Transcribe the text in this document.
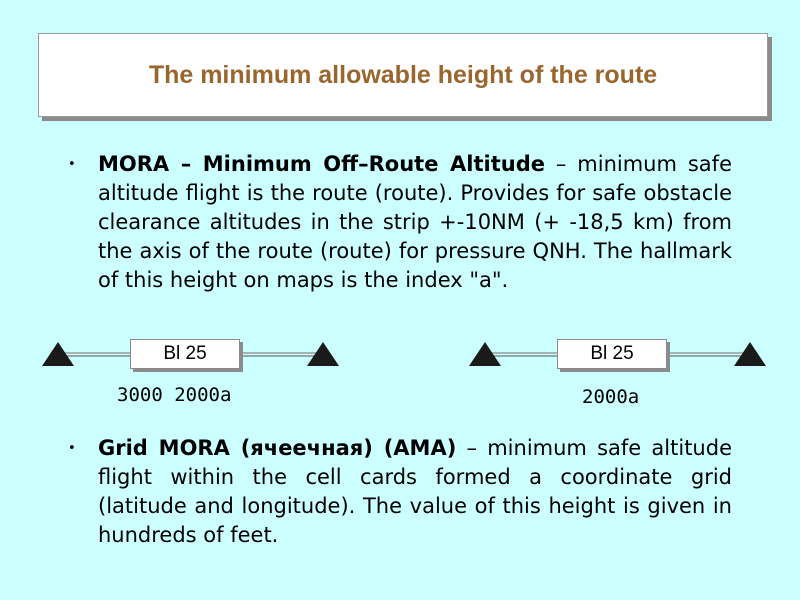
The minimum allowable height of the route
• MORA – Minimum Off–Route Altitude – minimum safe altitude flight is the route (route). Provides for safe obstacle clearance altitudes in the strip +-10NM (+ -18,5 km) from the axis of the route (route) for pressure QNH. The hallmark of this height on maps is the index "a".
Bl 25	Bl 25
3000 2000a	2000a
• Grid MORA (ячеечная) (AMA) – minimum safe altitude flight within the cell cards formed a coordinate grid (latitude and longitude). The value of this height is given in hundreds of feet.
